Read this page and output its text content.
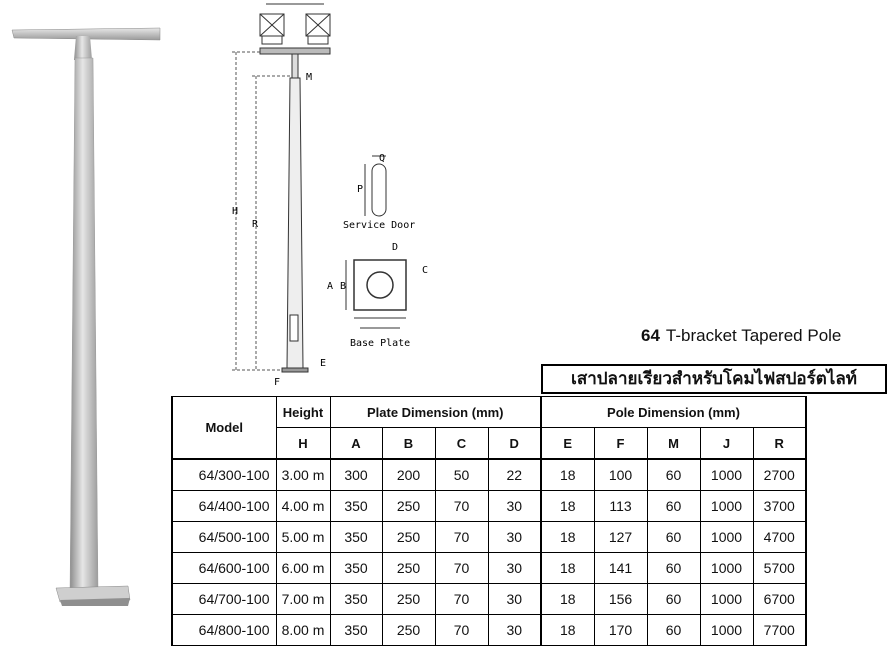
H
R
M
E
F
Q
P
Service Door
A B
C
D
Base Plate	64 T-bracket Tapered Pole
เสาปลายเรียวสำหรับโคมไฟสปอร์ตไลท์
Model	Height	Plate Dimension (mm)				Pole Dimension (mm)				
	H	A	B	C	D	E	F	M	J	R
64/300-100	3.00 m	300	200	50	22	18	100	60	1000	2700
64/400-100	4.00 m	350	250	70	30	18	113	60	1000	3700
64/500-100	5.00 m	350	250	70	30	18	127	60	1000	4700
64/600-100	6.00 m	350	250	70	30	18	141	60	1000	5700
64/700-100	7.00 m	350	250	70	30	18	156	60	1000	6700
64/800-100	8.00 m	350	250	70	30	18	170	60	1000	7700
